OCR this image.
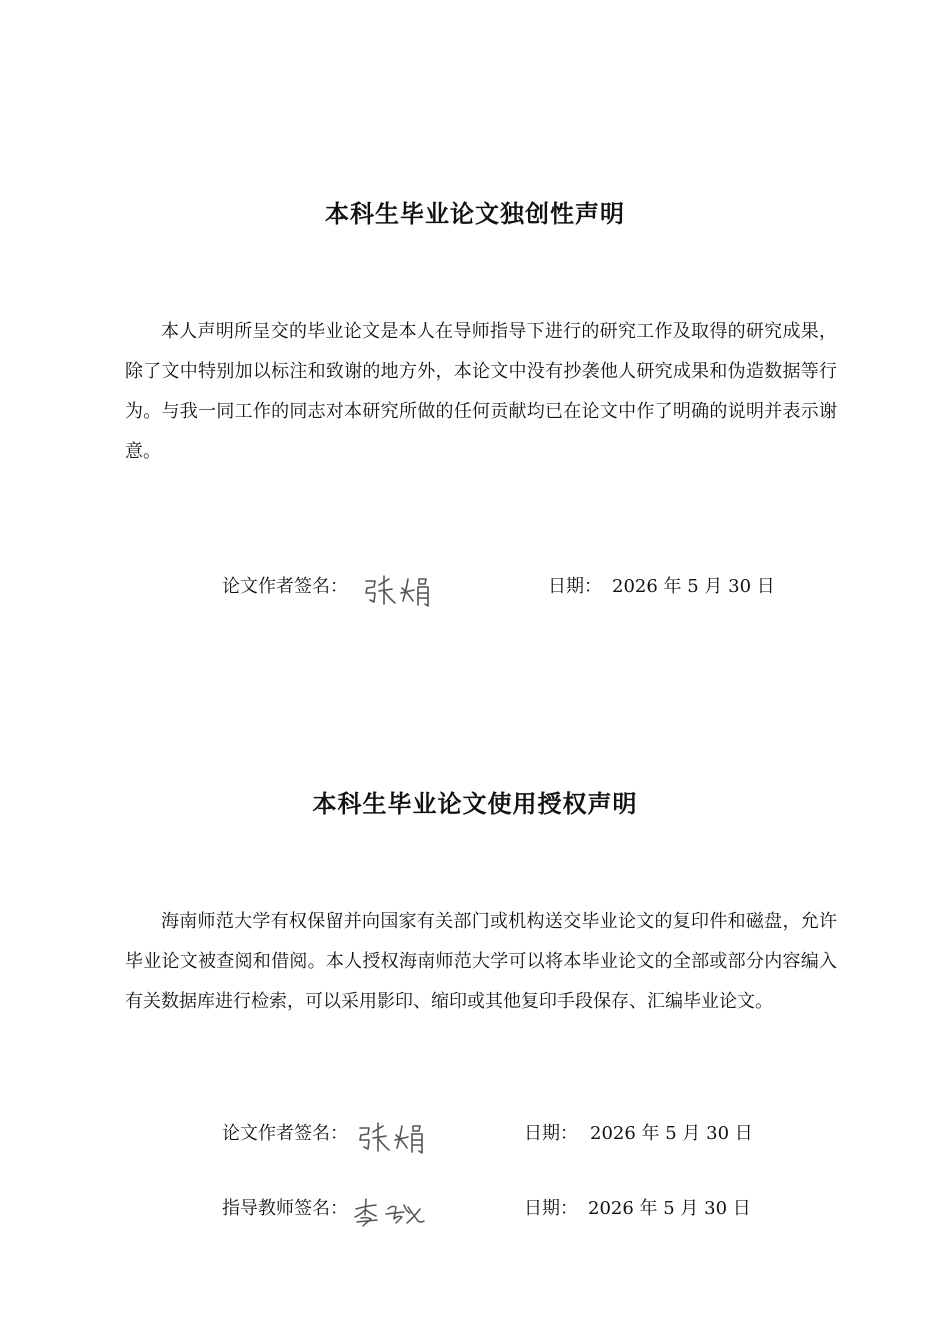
本科生毕业论文独创性声明

本人声明所呈交的毕业论文是本人在导师指导下进行的研究工作及取得的研究成果，除了文中特别加以标注和致谢的地方外，本论文中没有抄袭他人研究成果和伪造数据等行为。与我一同工作的同志对本研究所做的任何贡献均已在论文中作了明确的说明并表示谢意。

论文作者签名：	日期： 2026 年 5 月 30 日
本科生毕业论文使用授权声明

海南师范大学有权保留并向国家有关部门或机构送交毕业论文的复印件和磁盘，允许毕业论文被查阅和借阅。本人授权海南师范大学可以将本毕业论文的全部或部分内容编入有关数据库进行检索，可以采用影印、缩印或其他复印手段保存、汇编毕业论文。

论文作者签名：	日期： 2026 年 5 月 30 日
指导教师签名：	日期： 2026 年 5 月 30 日
